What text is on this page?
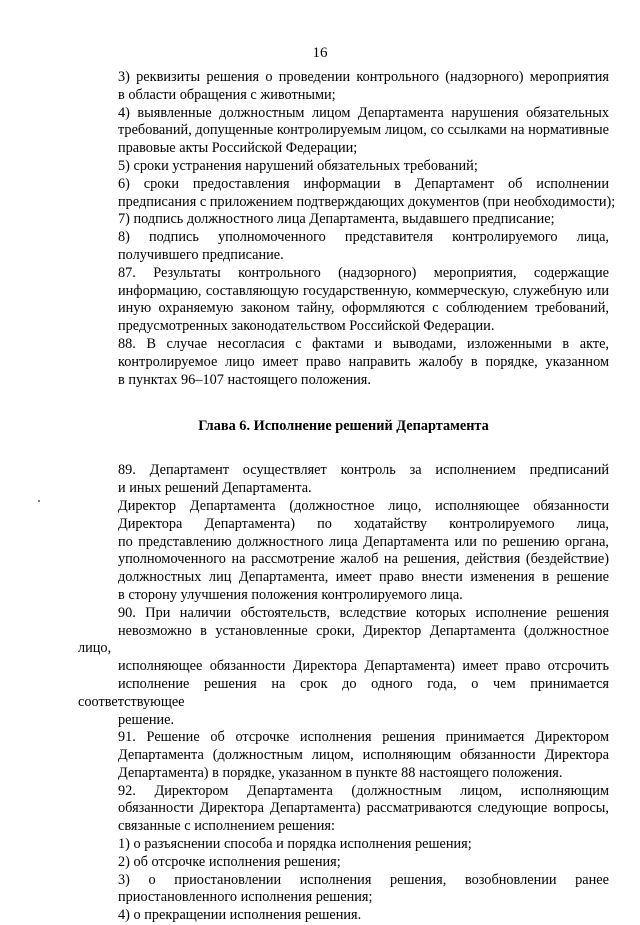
16

3) реквизиты решения о проведении контрольного (надзорного) мероприятия
в области обращения с животными;

4) выявленные должностным лицом Департамента нарушения обязательных
требований, допущенные контролируемым лицом, со ссылками на нормативные
правовые акты Российской Федерации;

5) сроки устранения нарушений обязательных требований;

6) сроки предоставления информации в Департамент об исполнении
предписания с приложением подтверждающих документов (при необходимости);

7) подпись должностного лица Департамента, выдавшего предписание;

8) подпись уполномоченного представителя контролируемого лица,
получившего предписание.

87. Результаты контрольного (надзорного) мероприятия, содержащие
информацию, составляющую государственную, коммерческую, служебную или
иную охраняемую законом тайну, оформляются с соблюдением требований,
предусмотренных законодательством Российской Федерации.

88. В случае несогласия с фактами и выводами, изложенными в акте,
контролируемое лицо имеет право направить жалобу в порядке, указанном
в пунктах 96–107 настоящего положения.

Глава 6. Исполнение решений Департамента

89. Департамент осуществляет контроль за исполнением предписаний
и иных решений Департамента.

Директор Департамента (должностное лицо, исполняющее обязанности
Директора Департамента) по ходатайству контролируемого лица,
по представлению должностного лица Департамента или по решению органа,
уполномоченного на рассмотрение жалоб на решения, действия (бездействие)
должностных лиц Департамента, имеет право внести изменения в решение
в сторону улучшения положения контролируемого лица.

90. При наличии обстоятельств, вследствие которых исполнение решения
невозможно в установленные сроки, Директор Департамента (должностное лицо,
исполняющее обязанности Директора Департамента) имеет право отсрочить
исполнение решения на срок до одного года, о чем принимается соответствующее
решение.

91. Решение об отсрочке исполнения решения принимается Директором
Департамента (должностным лицом, исполняющим обязанности Директора
Департамента) в порядке, указанном в пункте 88 настоящего положения.

92. Директором Департамента (должностным лицом, исполняющим
обязанности Директора Департамента) рассматриваются следующие вопросы,
связанные с исполнением решения:

1) о разъяснении способа и порядка исполнения решения;

2) об отсрочке исполнения решения;

3) о приостановлении исполнения решения, возобновлении ранее
приостановленного исполнения решения;

4) о прекращении исполнения решения.
